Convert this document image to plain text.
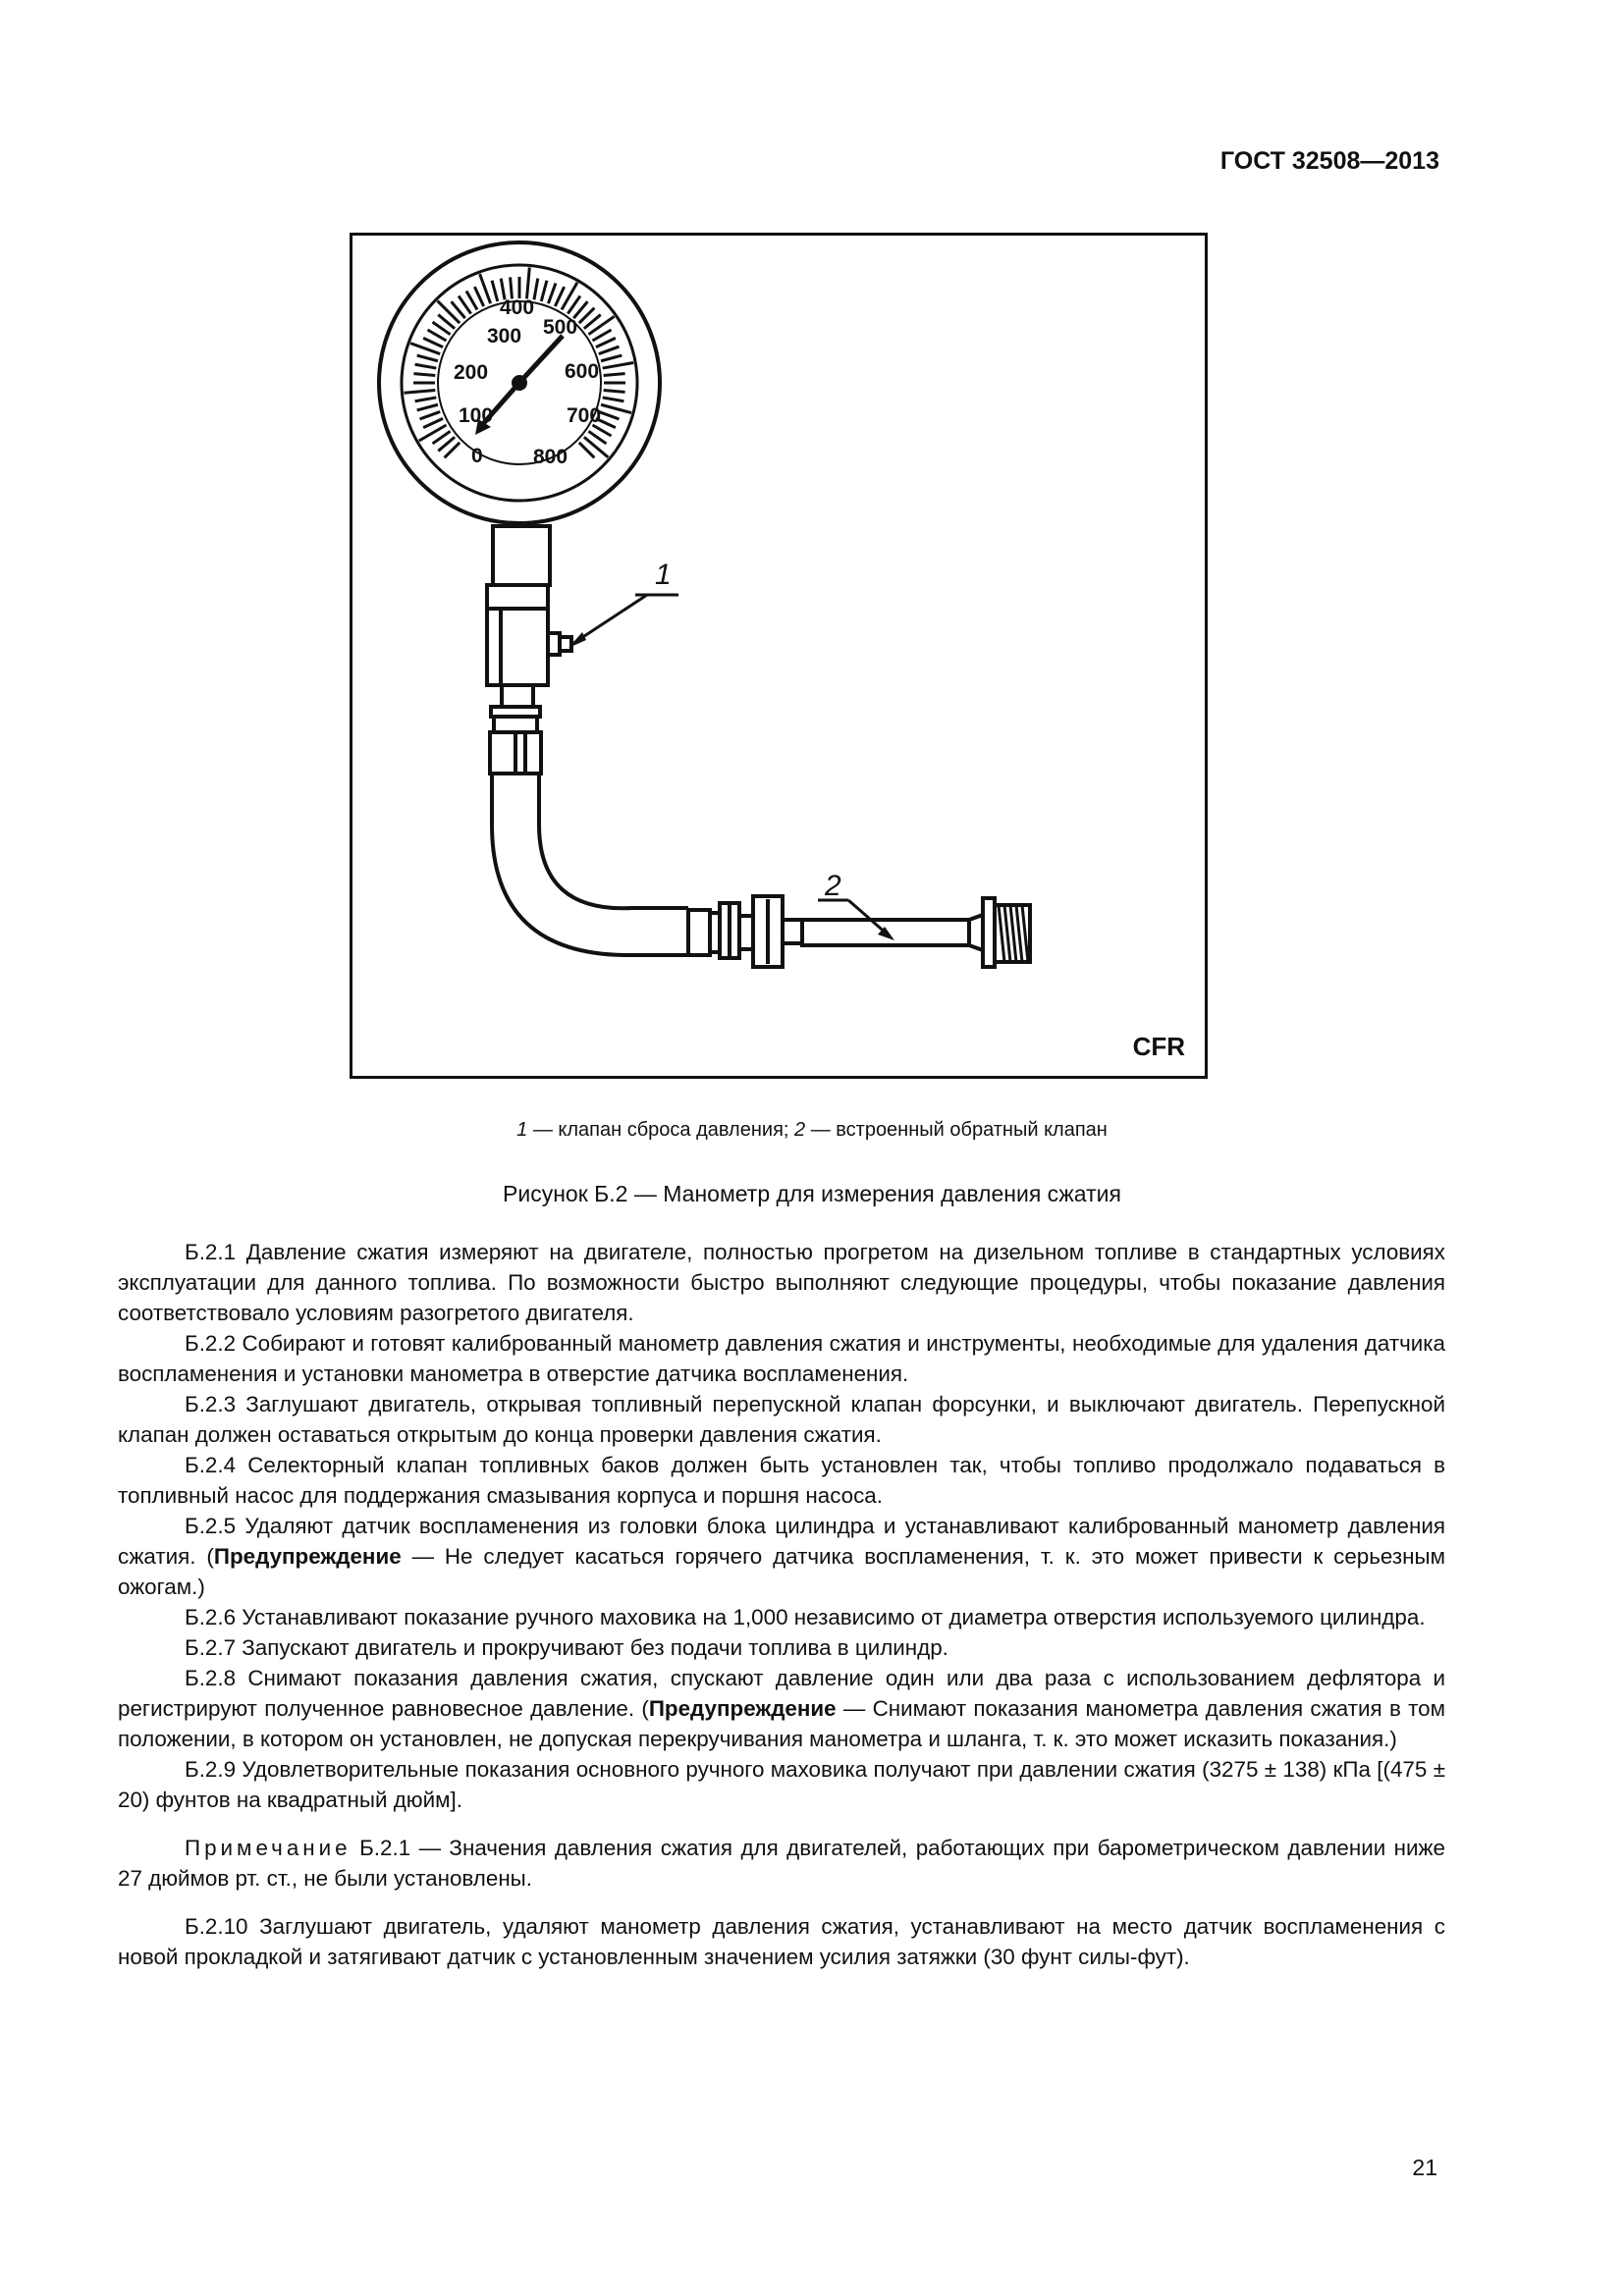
ГОСТ 32508—2013
300
400
500
200	600
100	700
0 800
1
2
CFR
1 — клапан сброса давления; 2 — встроенный обратный клапан
Рисунок Б.2 — Манометр для измерения давления сжатия

Б.2.1 Давление сжатия измеряют на двигателе, полностью прогретом на дизельном топливе в стандартных условиях эксплуатации для данного топлива. По возможности быстро выполняют следующие процедуры, чтобы показание давления соответствовало условиям разогретого двигателя.

Б.2.2 Собирают и готовят калиброванный манометр давления сжатия и инструменты, необходимые для удаления датчика воспламенения и установки манометра в отверстие датчика воспламенения.

Б.2.3 Заглушают двигатель, открывая топливный перепускной клапан форсунки, и выключают двигатель. Перепускной клапан должен оставаться открытым до конца проверки давления сжатия.

Б.2.4 Селекторный клапан топливных баков должен быть установлен так, чтобы топливо продолжало подаваться в топливный насос для поддержания смазывания корпуса и поршня насоса.

Б.2.5 Удаляют датчик воспламенения из головки блока цилиндра и устанавливают калиброванный манометр давления сжатия. (Предупреждение — Не следует касаться горячего датчика воспламенения, т. к. это может привести к серьезным ожогам.)

Б.2.6 Устанавливают показание ручного маховика на 1,000 независимо от диаметра отверстия используемого цилиндра.

Б.2.7 Запускают двигатель и прокручивают без подачи топлива в цилиндр.

Б.2.8 Снимают показания давления сжатия, спускают давление один или два раза с использованием дефлятора и регистрируют полученное равновесное давление. (Предупреждение — Снимают показания манометра давления сжатия в том положении, в котором он установлен, не допуская перекручивания манометра и шланга, т. к. это может исказить показания.)

Б.2.9 Удовлетворительные показания основного ручного маховика получают при давлении сжатия (3275 ± 138) кПа [(475 ± 20) фунтов на квадратный дюйм].

Примечание Б.2.1 — Значения давления сжатия для двигателей, работающих при барометрическом давлении ниже 27 дюймов рт. ст., не были установлены.

Б.2.10 Заглушают двигатель, удаляют манометр давления сжатия, устанавливают на место датчик воспламенения с новой прокладкой и затягивают датчик с установленным значением усилия затяжки (30 фунт силы-фут).

21
